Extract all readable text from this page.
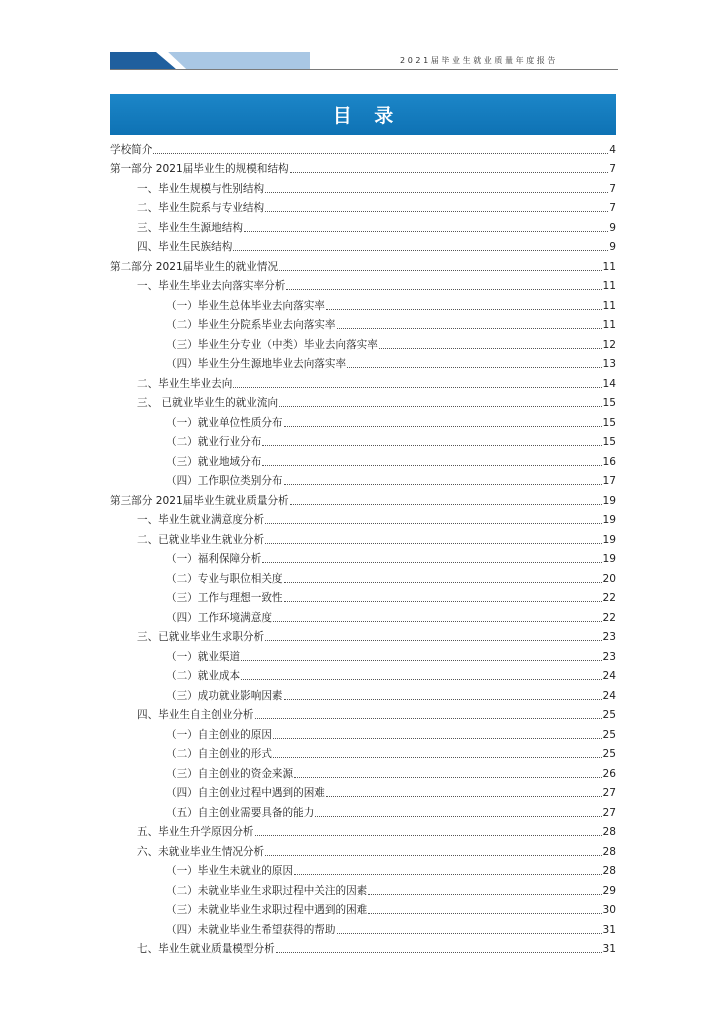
2021届毕业生就业质量年度报告
目 录
学校简介	4
第一部分 2021届毕业生的规模和结构	7
一、毕业生规模与性别结构	7
二、毕业生院系与专业结构	7
三、毕业生生源地结构	9
四、毕业生民族结构	9
第二部分 2021届毕业生的就业情况	11
一、毕业生毕业去向落实率分析	11
（一）毕业生总体毕业去向落实率	11
（二）毕业生分院系毕业去向落实率	11
（三）毕业生分专业（中类）毕业去向落实率	12
（四）毕业生分生源地毕业去向落实率	13
二、毕业生毕业去向	14
三、 已就业毕业生的就业流向	15
（一）就业单位性质分布	15
（二）就业行业分布	15
（三）就业地域分布	16
（四）工作职位类别分布	17
第三部分 2021届毕业生就业质量分析	19
一、毕业生就业满意度分析	19
二、已就业毕业生就业分析	19
（一）福利保障分析	19
（二）专业与职位相关度	20
（三）工作与理想一致性	22
（四）工作环境满意度	22
三、已就业毕业生求职分析	23
（一）就业渠道	23
（二）就业成本	24
（三）成功就业影响因素	24
四、毕业生自主创业分析	25
（一）自主创业的原因	25
（二）自主创业的形式	25
（三）自主创业的资金来源	26
（四）自主创业过程中遇到的困难	27
（五）自主创业需要具备的能力	27
五、毕业生升学原因分析	28
六、未就业毕业生情况分析	28
（一）毕业生未就业的原因	28
（二）未就业毕业生求职过程中关注的因素	29
（三）未就业毕业生求职过程中遇到的困难	30
（四）未就业毕业生希望获得的帮助	31
七、毕业生就业质量模型分析	31
